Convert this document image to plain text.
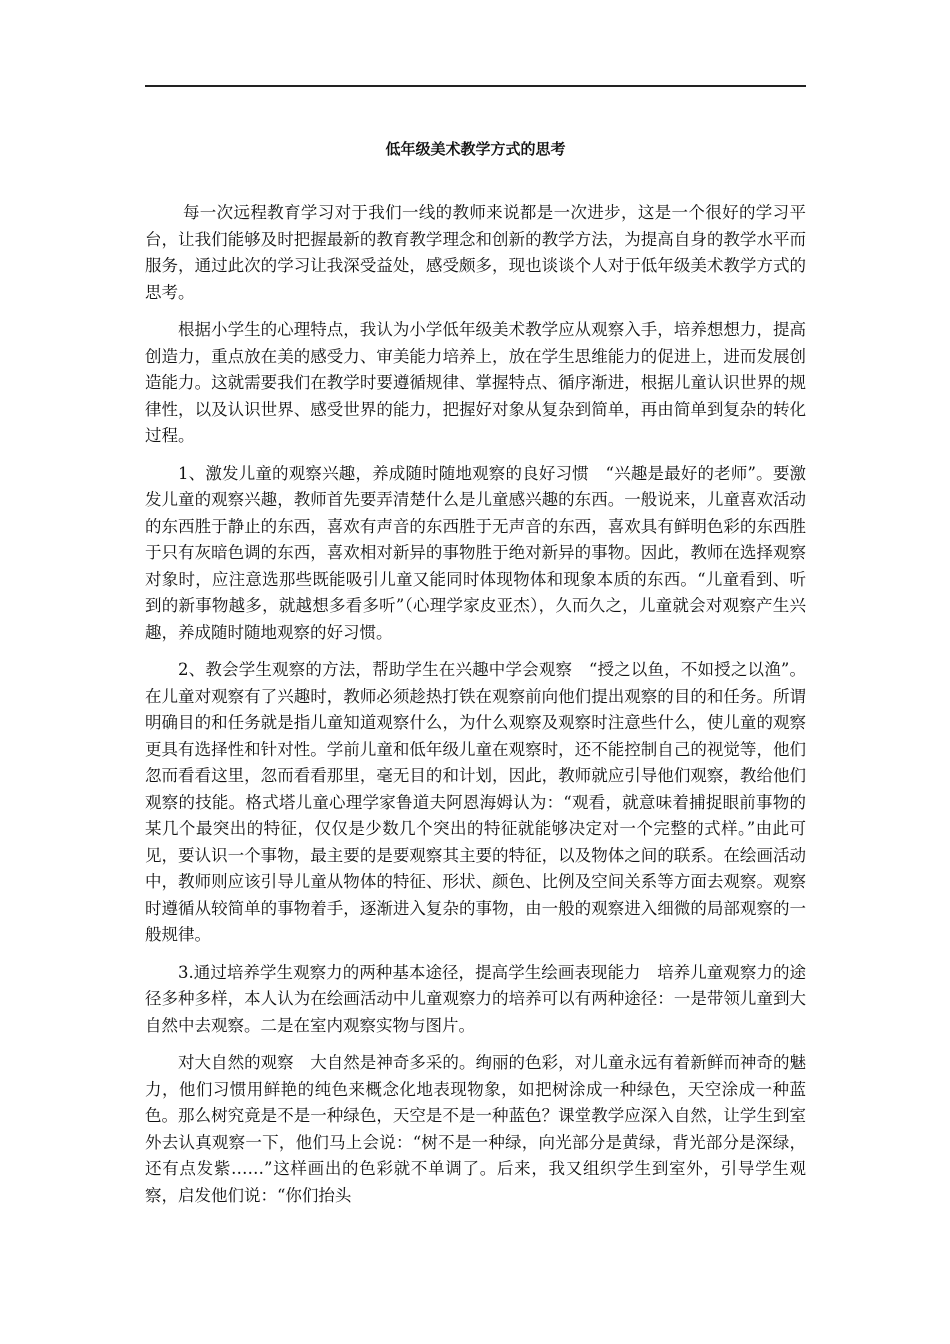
低年级美术教学方式的思考

每一次远程教育学习对于我们一线的教师来说都是一次进步，这是一个很好的学习平台，让我们能够及时把握最新的教育教学理念和创新的教学方法，为提高自身的教学水平而服务，通过此次的学习让我深受益处，感受颇多，现也谈谈个人对于低年级美术教学方式的思考。

根据小学生的心理特点，我认为小学低年级美术教学应从观察入手，培养想想力，提高创造力，重点放在美的感受力、审美能力培养上，放在学生思维能力的促进上，进而发展创造能力。这就需要我们在教学时要遵循规律、掌握特点、循序渐进，根据儿童认识世界的规律性，以及认识世界、感受世界的能力，把握好对象从复杂到简单，再由简单到复杂的转化过程。

1、激发儿童的观察兴趣，养成随时随地观察的良好习惯　“兴趣是最好的老师”。要激发儿童的观察兴趣，教师首先要弄清楚什么是儿童感兴趣的东西。一般说来，儿童喜欢活动的东西胜于静止的东西，喜欢有声音的东西胜于无声音的东西，喜欢具有鲜明色彩的东西胜于只有灰暗色调的东西，喜欢相对新异的事物胜于绝对新异的事物。因此，教师在选择观察对象时，应注意选那些既能吸引儿童又能同时体现物体和现象本质的东西。“儿童看到、听到的新事物越多，就越想多看多听”（心理学家皮亚杰），久而久之，儿童就会对观察产生兴趣，养成随时随地观察的好习惯。

2、教会学生观察的方法，帮助学生在兴趣中学会观察　“授之以鱼，不如授之以渔”。在儿童对观察有了兴趣时，教师必须趁热打铁在观察前向他们提出观察的目的和任务。所谓明确目的和任务就是指儿童知道观察什么，为什么观察及观察时注意些什么，使儿童的观察更具有选择性和针对性。学前儿童和低年级儿童在观察时，还不能控制自己的视觉等，他们忽而看看这里，忽而看看那里，毫无目的和计划，因此，教师就应引导他们观察，教给他们观察的技能。格式塔儿童心理学家鲁道夫阿恩海姆认为：“观看，就意味着捕捉眼前事物的某几个最突出的特征，仅仅是少数几个突出的特征就能够决定对一个完整的式样。”由此可见，要认识一个事物，最主要的是要观察其主要的特征，以及物体之间的联系。在绘画活动中，教师则应该引导儿童从物体的特征、形状、颜色、比例及空间关系等方面去观察。观察时遵循从较简单的事物着手，逐渐进入复杂的事物，由一般的观察进入细微的局部观察的一般规律。

3.通过培养学生观察力的两种基本途径，提高学生绘画表现能力　培养儿童观察力的途径多种多样，本人认为在绘画活动中儿童观察力的培养可以有两种途径：一是带领儿童到大自然中去观察。二是在室内观察实物与图片。

对大自然的观察　大自然是神奇多采的。绚丽的色彩，对儿童永远有着新鲜而神奇的魅力，他们习惯用鲜艳的纯色来概念化地表现物象，如把树涂成一种绿色，天空涂成一种蓝色。那么树究竟是不是一种绿色，天空是不是一种蓝色？课堂教学应深入自然，让学生到室外去认真观察一下，他们马上会说：“树不是一种绿，向光部分是黄绿，背光部分是深绿，还有点发紫……”这样画出的色彩就不单调了。后来，我又组织学生到室外，引导学生观察，启发他们说：“你们抬头
